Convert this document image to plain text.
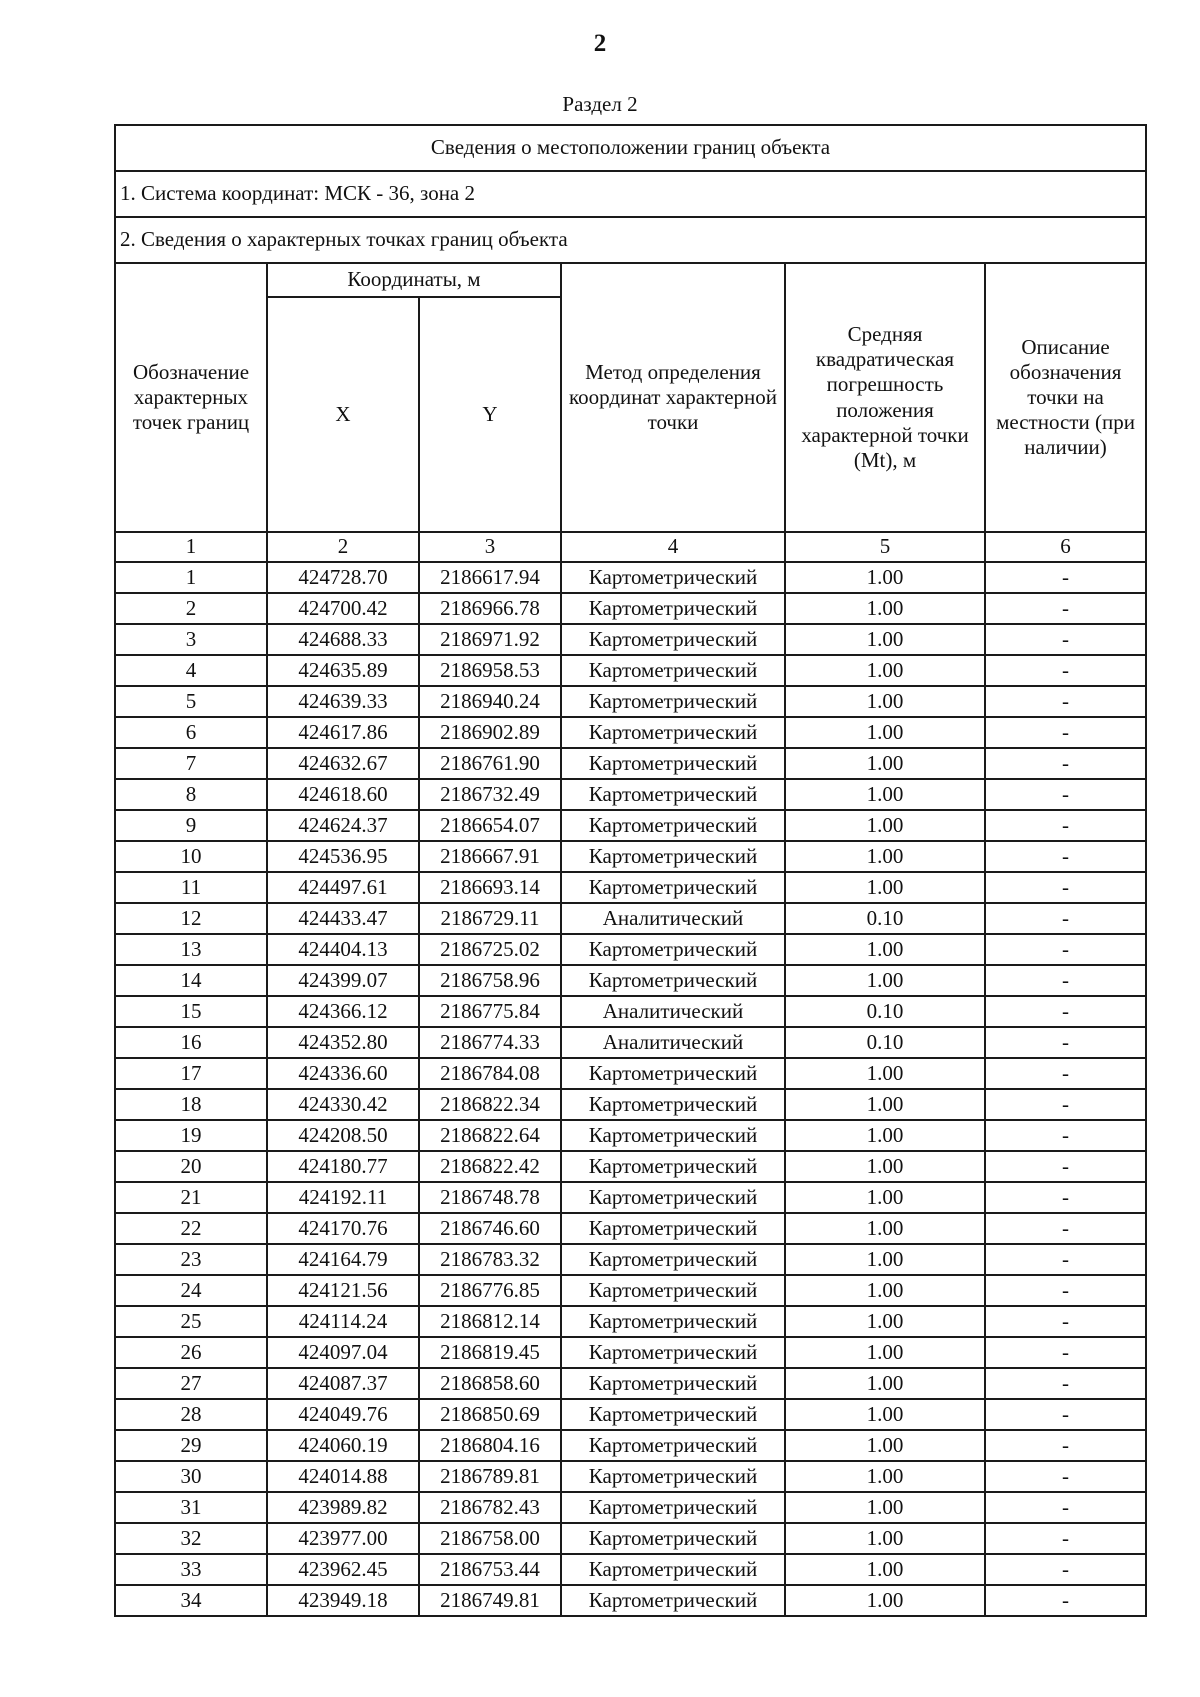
2
Раздел 2
Сведения о местоположении границ объекта					
1. Система координат: МСК - 36, зона 2					
2. Сведения о характерных точках границ объекта					
Обозначение характерных точек границ	Координаты, м		Метод определения координат характерной точки	Средняя квадратическая погрешность положения характерной точки (Mt), м	Описание обозначения точки на местности (при наличии)
	X	Y			
1	2	3	4	5	6
1	424728.70	2186617.94	Картометрический	1.00	-
2	424700.42	2186966.78	Картометрический	1.00	-
3	424688.33	2186971.92	Картометрический	1.00	-
4	424635.89	2186958.53	Картометрический	1.00	-
5	424639.33	2186940.24	Картометрический	1.00	-
6	424617.86	2186902.89	Картометрический	1.00	-
7	424632.67	2186761.90	Картометрический	1.00	-
8	424618.60	2186732.49	Картометрический	1.00	-
9	424624.37	2186654.07	Картометрический	1.00	-
10	424536.95	2186667.91	Картометрический	1.00	-
11	424497.61	2186693.14	Картометрический	1.00	-
12	424433.47	2186729.11	Аналитический	0.10	-
13	424404.13	2186725.02	Картометрический	1.00	-
14	424399.07	2186758.96	Картометрический	1.00	-
15	424366.12	2186775.84	Аналитический	0.10	-
16	424352.80	2186774.33	Аналитический	0.10	-
17	424336.60	2186784.08	Картометрический	1.00	-
18	424330.42	2186822.34	Картометрический	1.00	-
19	424208.50	2186822.64	Картометрический	1.00	-
20	424180.77	2186822.42	Картометрический	1.00	-
21	424192.11	2186748.78	Картометрический	1.00	-
22	424170.76	2186746.60	Картометрический	1.00	-
23	424164.79	2186783.32	Картометрический	1.00	-
24	424121.56	2186776.85	Картометрический	1.00	-
25	424114.24	2186812.14	Картометрический	1.00	-
26	424097.04	2186819.45	Картометрический	1.00	-
27	424087.37	2186858.60	Картометрический	1.00	-
28	424049.76	2186850.69	Картометрический	1.00	-
29	424060.19	2186804.16	Картометрический	1.00	-
30	424014.88	2186789.81	Картометрический	1.00	-
31	423989.82	2186782.43	Картометрический	1.00	-
32	423977.00	2186758.00	Картометрический	1.00	-
33	423962.45	2186753.44	Картометрический	1.00	-
34	423949.18	2186749.81	Картометрический	1.00	-
